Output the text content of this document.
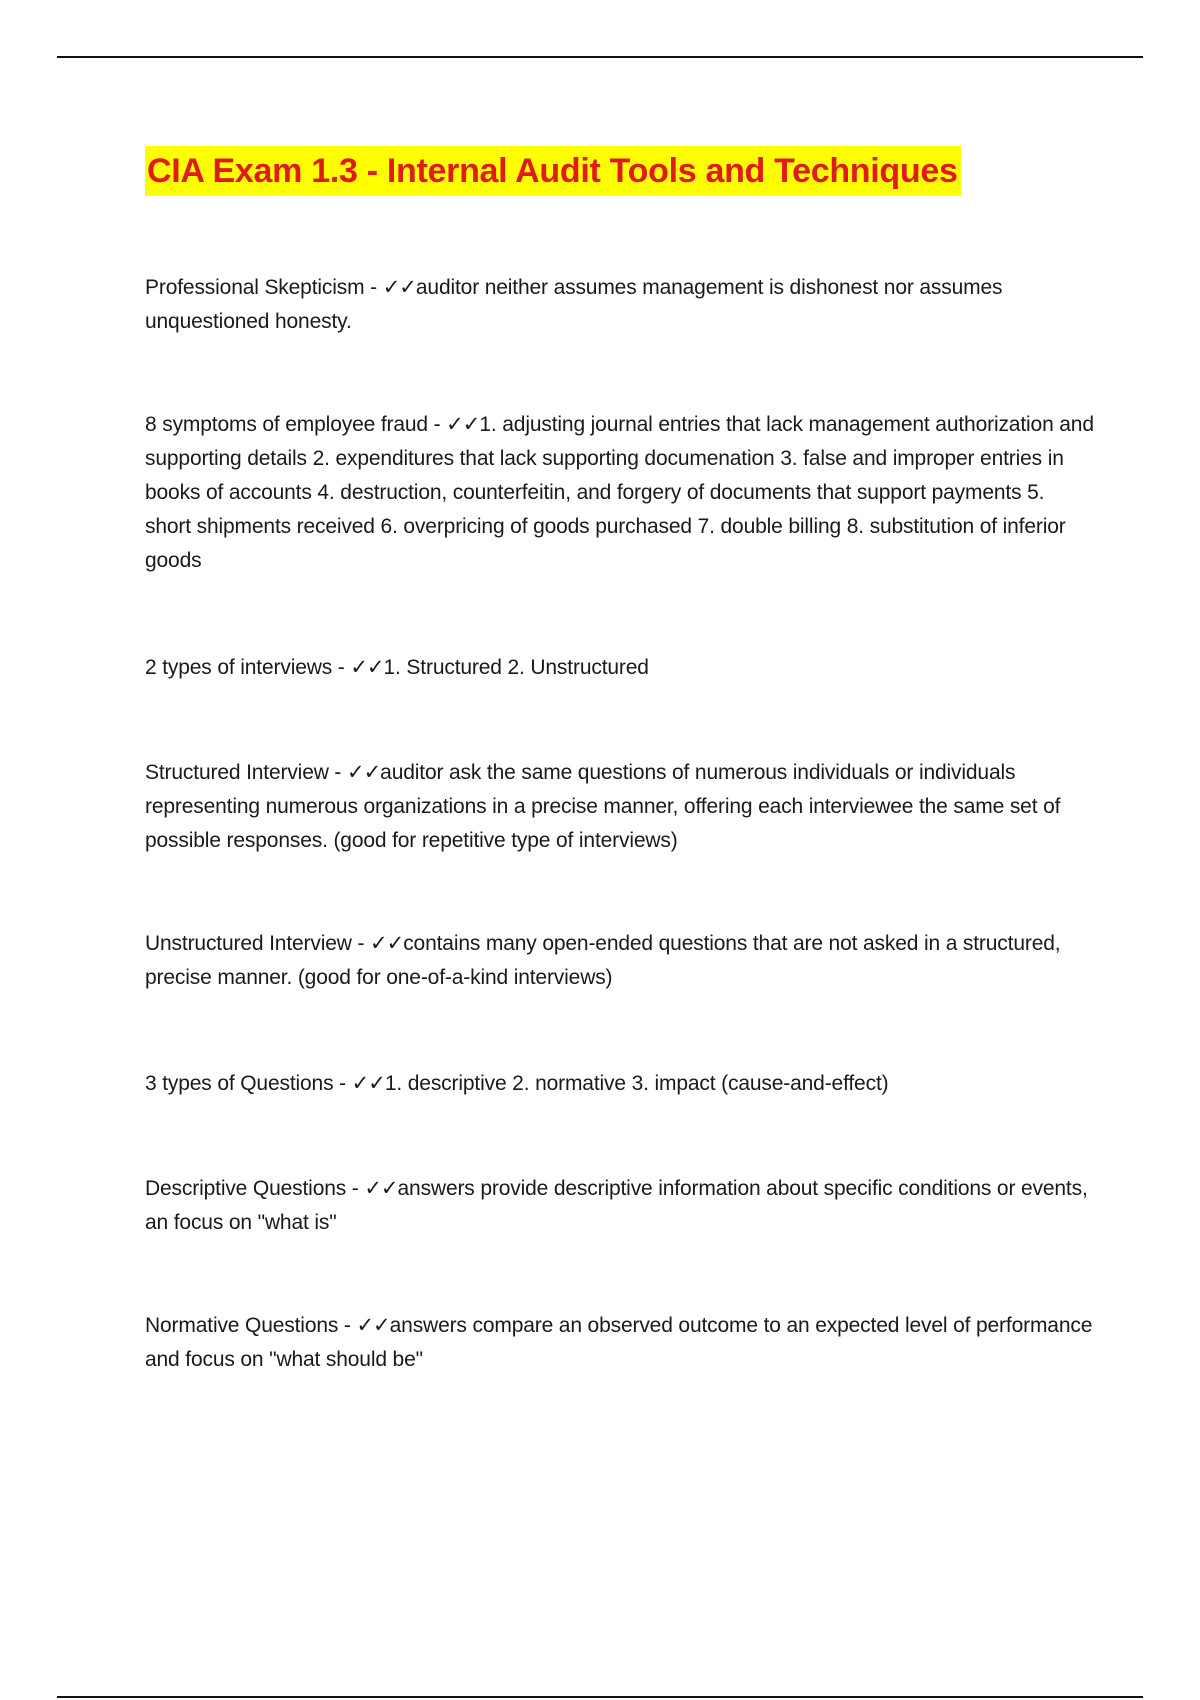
CIA Exam 1.3 - Internal Audit Tools and Techniques
Professional Skepticism - ✓✓auditor neither assumes management is dishonest nor assumes unquestioned honesty.
8 symptoms of employee fraud - ✓✓1. adjusting journal entries that lack management authorization and supporting details 2. expenditures that lack supporting documenation 3. false and improper entries in books of accounts 4. destruction, counterfeitin, and forgery of documents that support payments 5. short shipments received 6. overpricing of goods purchased 7. double billing 8. substitution of inferior goods
2 types of interviews - ✓✓1. Structured 2. Unstructured
Structured Interview - ✓✓auditor ask the same questions of numerous individuals or individuals representing numerous organizations in a precise manner, offering each interviewee the same set of possible responses. (good for repetitive type of interviews)
Unstructured Interview - ✓✓contains many open-ended questions that are not asked in a structured, precise manner. (good for one-of-a-kind interviews)
3 types of Questions - ✓✓1. descriptive 2. normative 3. impact (cause-and-effect)
Descriptive Questions - ✓✓answers provide descriptive information about specific conditions or events, an focus on "what is"
Normative Questions - ✓✓answers compare an observed outcome to an expected level of performance and focus on "what should be"
